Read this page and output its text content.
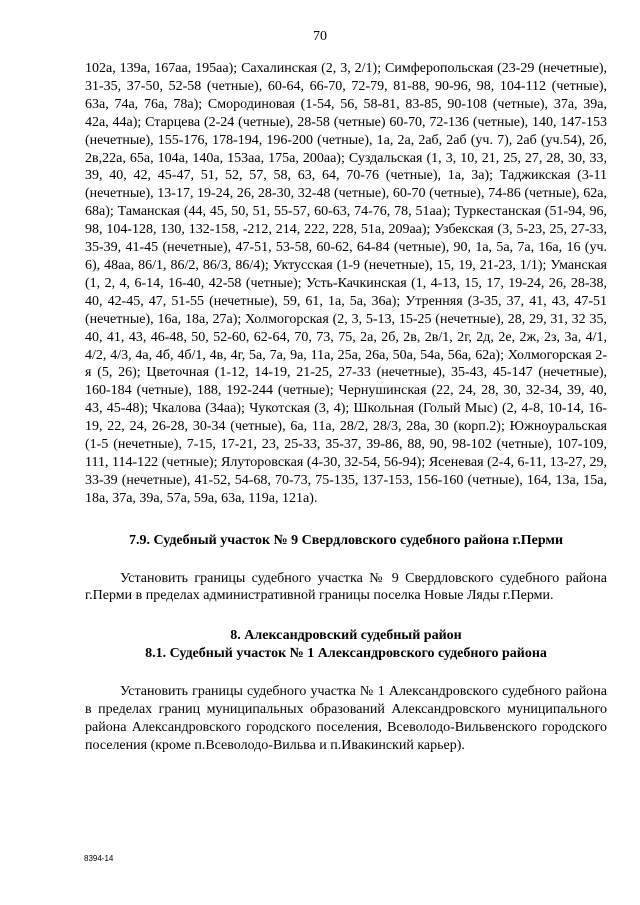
70

102а, 139а, 167аа, 195аа); Сахалинская (2, 3, 2/1); Симферопольская (23-29 (нечетные), 31-35, 37-50, 52-58 (четные), 60-64, 66-70, 72-79, 81-88, 90-96, 98, 104-112 (четные), 63а, 74а, 76а, 78а); Смородиновая (1-54, 56, 58-81, 83-85, 90-108 (четные), 37а, 39а, 42а, 44а); Старцева (2-24 (четные), 28-58 (четные) 60-70, 72-136 (четные), 140, 147-153 (нечетные), 155-176, 178-194, 196-200 (четные), 1а, 2а, 2аб, 2аб (уч. 7), 2аб (уч.54), 2б, 2в,22а, 65а, 104а, 140а, 153аа, 175а, 200аа); Суздальская (1, 3, 10, 21, 25, 27, 28, 30, 33, 39, 40, 42, 45-47, 51, 52, 57, 58, 63, 64, 70-76 (четные), 1а, 3а); Таджикская (3-11 (нечетные), 13-17, 19-24, 26, 28-30, 32-48 (четные), 60-70 (четные), 74-86 (четные), 62а, 68а); Таманская (44, 45, 50, 51, 55-57, 60-63, 74-76, 78, 51аа); Туркестанская (51-94, 96, 98, 104-128, 130, 132-158, -212, 214, 222, 228, 51а, 209аа); Узбекская (3, 5-23, 25, 27-33, 35-39, 41-45 (нечетные), 47-51, 53-58, 60-62, 64-84 (четные), 90, 1а, 5а, 7а, 16а, 16 (уч. 6), 48аа, 86/1, 86/2, 86/3, 86/4); Уктусская (1-9 (нечетные), 15, 19, 21-23, 1/1); Уманская (1, 2, 4, 6-14, 16-40, 42-58 (четные); Усть-Качкинская (1, 4-13, 15, 17, 19-24, 26, 28-38, 40, 42-45, 47, 51-55 (нечетные), 59, 61, 1а, 5а, 36а); Утренняя (3-35, 37, 41, 43, 47-51 (нечетные), 16а, 18а, 27а); Холмогорская (2, 3, 5-13, 15-25 (нечетные), 28, 29, 31, 32 35, 40, 41, 43, 46-48, 50, 52-60, 62-64, 70, 73, 75, 2а, 2б, 2в, 2в/1, 2г, 2д, 2е, 2ж, 2з, 3а, 4/1, 4/2, 4/3, 4а, 4б, 4б/1, 4в, 4г, 5а, 7а, 9а, 11а, 25а, 26а, 50а, 54а, 56а, 62а); Холмогорская 2-я (5, 26); Цветочная (1-12, 14-19, 21-25, 27-33 (нечетные), 35-43, 45-147 (нечетные), 160-184 (четные), 188, 192-244 (четные); Чернушинская (22, 24, 28, 30, 32-34, 39, 40, 43, 45-48); Чкалова (34аа); Чукотская (3, 4); Школьная (Голый Мыс) (2, 4-8, 10-14, 16-19, 22, 24, 26-28, 30-34 (четные), 6а, 11а, 28/2, 28/3, 28а, 30 (корп.2); Южноуральская (1-5 (нечетные), 7-15, 17-21, 23, 25-33, 35-37, 39-86, 88, 90, 98-102 (четные), 107-109, 111, 114-122 (четные); Ялуторовская (4-30, 32-54, 56-94); Ясеневая (2-4, 6-11, 13-27, 29, 33-39 (нечетные), 41-52, 54-68, 70-73, 75-135, 137-153, 156-160 (четные), 164, 13а, 15а, 18а, 37а, 39а, 57а, 59а, 63а, 119а, 121а).

7.9. Судебный участок № 9 Свердловского судебного района г.Перми

Установить границы судебного участка № 9 Свердловского судебного района г.Перми в пределах административной границы поселка Новые Ляды г.Перми.

8. Александровский судебный район

8.1. Судебный участок № 1 Александровского судебного района

Установить границы судебного участка № 1 Александровского судебного района в пределах границ муниципальных образований Александровского муниципального района Александровского городского поселения, Всеволодо-Вильвенского городского поселения (кроме п.Всеволодо-Вильва и п.Ивакинский карьер).

8394-14
